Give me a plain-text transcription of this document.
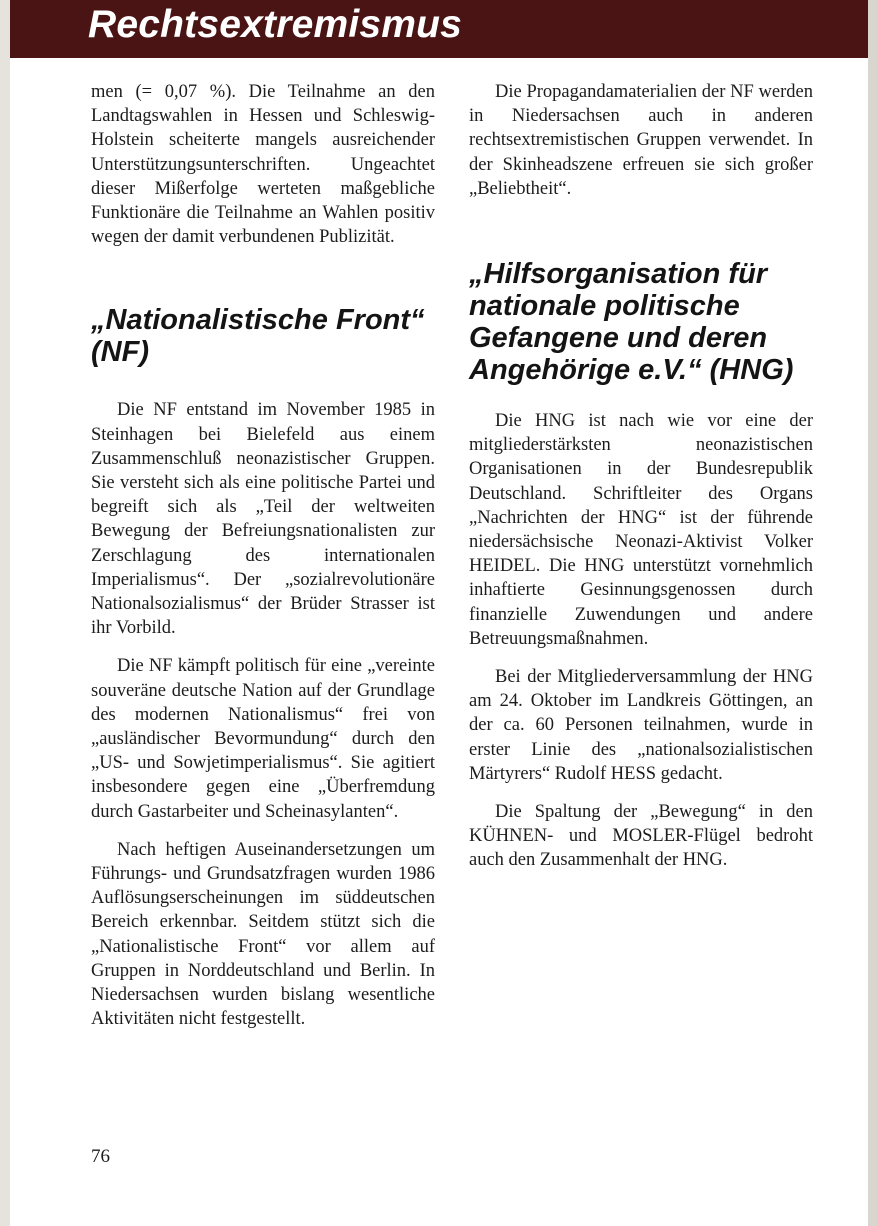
Rechtsextremismus

men (= 0,07 %). Die Teilnahme an den Landtagswahlen in Hessen und Schleswig-Holstein scheiterte mangels ausreichender Unterstützungsunterschriften. Ungeachtet dieser Mißerfolge werteten maßgebliche Funktionäre die Teilnahme an Wahlen positiv wegen der damit verbundenen Publizität.

„Nationalistische Front“ (NF)

Die NF entstand im November 1985 in Steinhagen bei Bielefeld aus einem Zusammenschluß neonazistischer Gruppen. Sie versteht sich als eine politische Partei und begreift sich als „Teil der weltweiten Bewegung der Befreiungsnationalisten zur Zerschlagung des internationalen Imperialismus“. Der „sozialrevolutionäre Nationalsozialismus“ der Brüder Strasser ist ihr Vorbild.

Die NF kämpft politisch für eine „vereinte souveräne deutsche Nation auf der Grundlage des modernen Nationalismus“ frei von „ausländischer Bevormundung“ durch den „US- und Sowjetimperialismus“. Sie agitiert insbesondere gegen eine „Überfremdung durch Gastarbeiter und Scheinasylanten“.

Nach heftigen Auseinandersetzungen um Führungs- und Grundsatzfragen wurden 1986 Auflösungserscheinungen im süddeutschen Bereich erkennbar. Seitdem stützt sich die „Nationalistische Front“ vor allem auf Gruppen in Norddeutschland und Berlin. In Niedersachsen wurden bislang wesentliche Aktivitäten nicht festgestellt.

Die Propagandamaterialien der NF werden in Niedersachsen auch in anderen rechtsextremistischen Gruppen verwendet. In der Skinheadszene erfreuen sie sich großer „Beliebtheit“.

„Hilfsorganisation für nationale politische Gefangene und deren Angehörige e.V.“ (HNG)

Die HNG ist nach wie vor eine der mitgliederstärksten neonazistischen Organisationen in der Bundesrepublik Deutschland. Schriftleiter des Organs „Nachrichten der HNG“ ist der führende niedersächsische Neonazi-Aktivist Volker HEIDEL. Die HNG unterstützt vornehmlich inhaftierte Gesinnungsgenossen durch finanzielle Zuwendungen und andere Betreuungsmaßnahmen.

Bei der Mitgliederversammlung der HNG am 24. Oktober im Landkreis Göttingen, an der ca. 60 Personen teilnahmen, wurde in erster Linie des „nationalsozialistischen Märtyrers“ Rudolf HESS gedacht.

Die Spaltung der „Bewegung“ in den KÜHNEN- und MOSLER-Flügel bedroht auch den Zusammenhalt der HNG.

76
